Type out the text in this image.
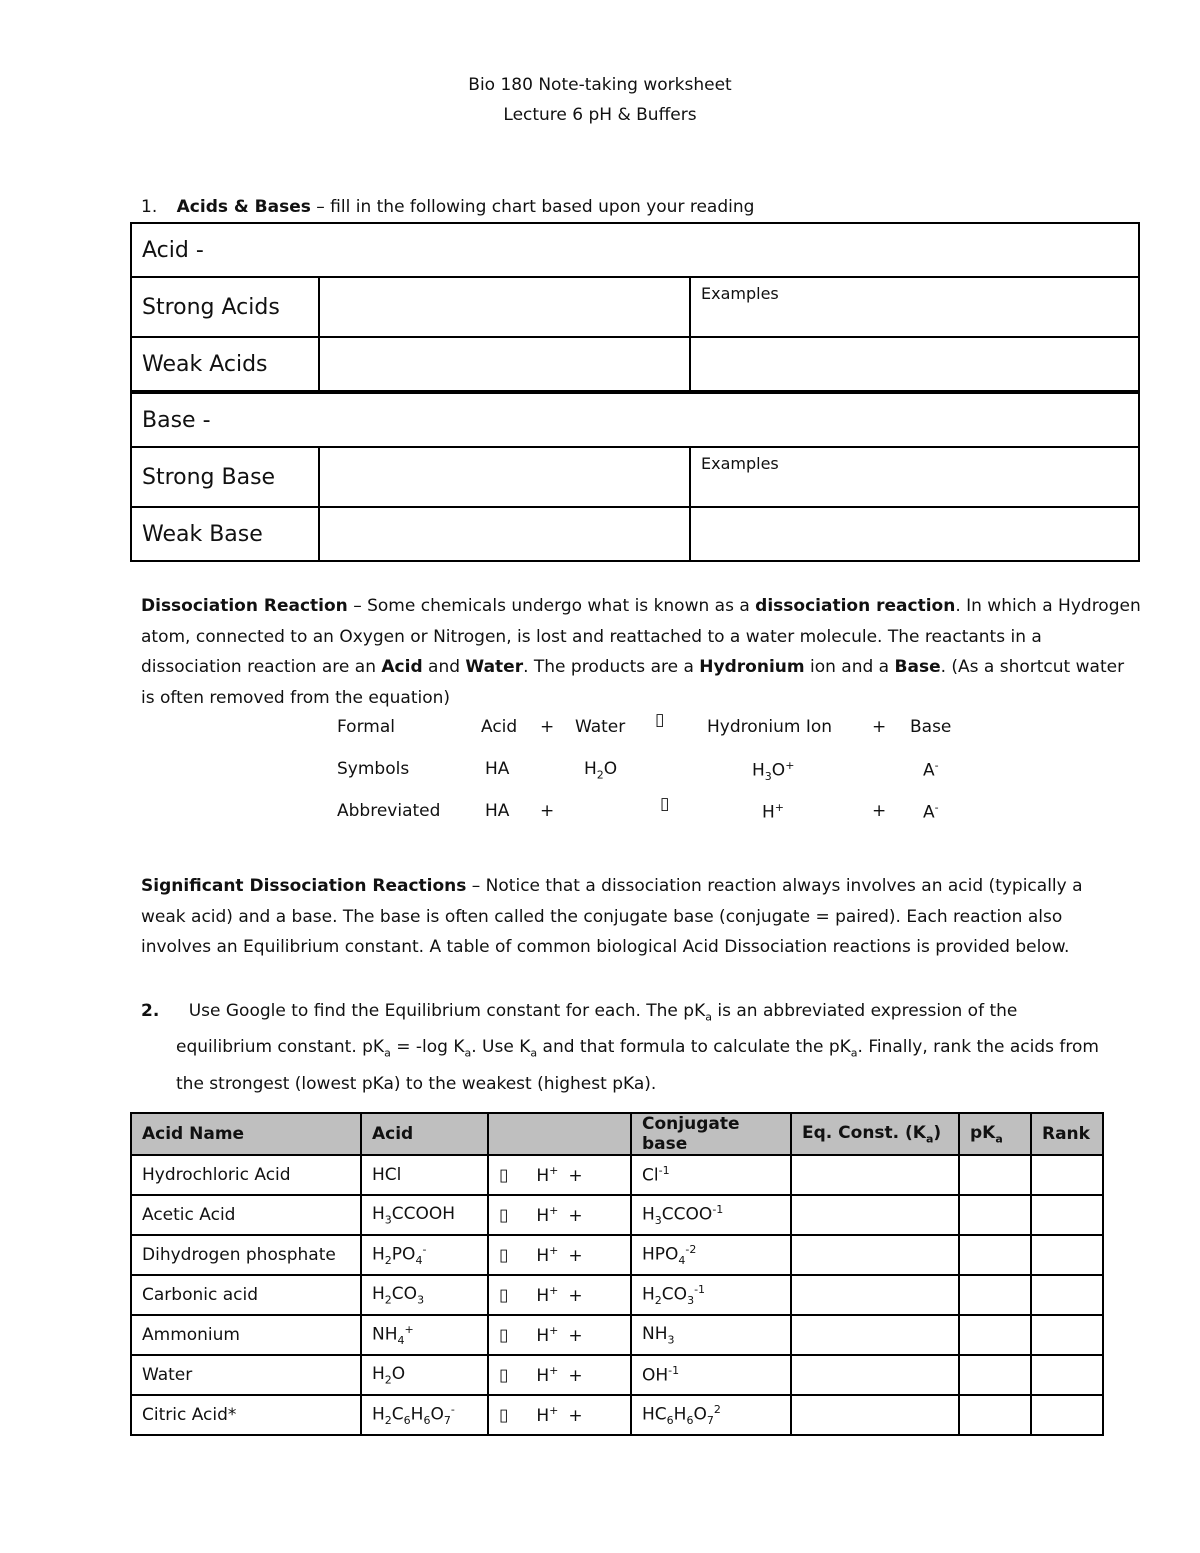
Bio 180 Note-taking worksheet
Lecture 6 pH & Buffers
1. Acids & Bases – fill in the following chart based upon your reading
Acid -		
Strong Acids		Examples
Weak Acids		
Base -		
Strong Base		Examples
Weak Base		
Dissociation Reaction – Some chemicals undergo what is known as a dissociation reaction. In which a Hydrogen atom, connected to an Oxygen or Nitrogen, is lost and reattached to a water molecule. The reactants in a dissociation reaction are an Acid and Water. The products are a Hydronium ion and a Base. (As a shortcut water is often removed from the equation)
Formal	Acid + Water ▯	Hydronium Ion + Base
Symbols	HA	$H_2O$	$H_3O^+$	A-
Abbreviated	HA +	▯	H+	+ A-
Significant Dissociation Reactions – Notice that a dissociation reaction always involves an acid (typically a weak acid) and a base. The base is often called the conjugate base (conjugate = paired). Each reaction also involves an Equilibrium constant. A table of common biological Acid Dissociation reactions is provided below.
2. Use Google to find the Equilibrium constant for each. The $pK_a$ is an abbreviated expression of the
equilibrium constant. $pK_a = -\log$ $K_a$. Use $K_a$ and that formula to calculate the $pK_a$. Finally, rank the acids from
the strongest (lowest pKa) to the weakest (highest pKa).
Acid Name	Acid		Conjugate base	Eq. Const. $(K_a)$	$pK_a$	Rank
Hydrochloric Acid	HCl	▯ H+ +	$Cl^{-1}$			
Acetic Acid	$H_3CCOOH$	▯ H+ +	$H_3CCOO^{-1}$			
Dihydrogen phosphate	$H_2PO_4^-$	▯ H+ +	$HPO_4^{-2}$			
Carbonic acid	$H_2CO_3$	▯ H+ +	$H_2CO_3^{-1}$			
Ammonium	$NH_4^+$	▯ H+ +	$NH_3$			
Water	$H_2O$	▯ H+ +	$OH^{-1}$			
Citric Acid*	$H_2C_6H_6O_7^-$	▯ H+ +	$HC_6H_6O_7^2$			
